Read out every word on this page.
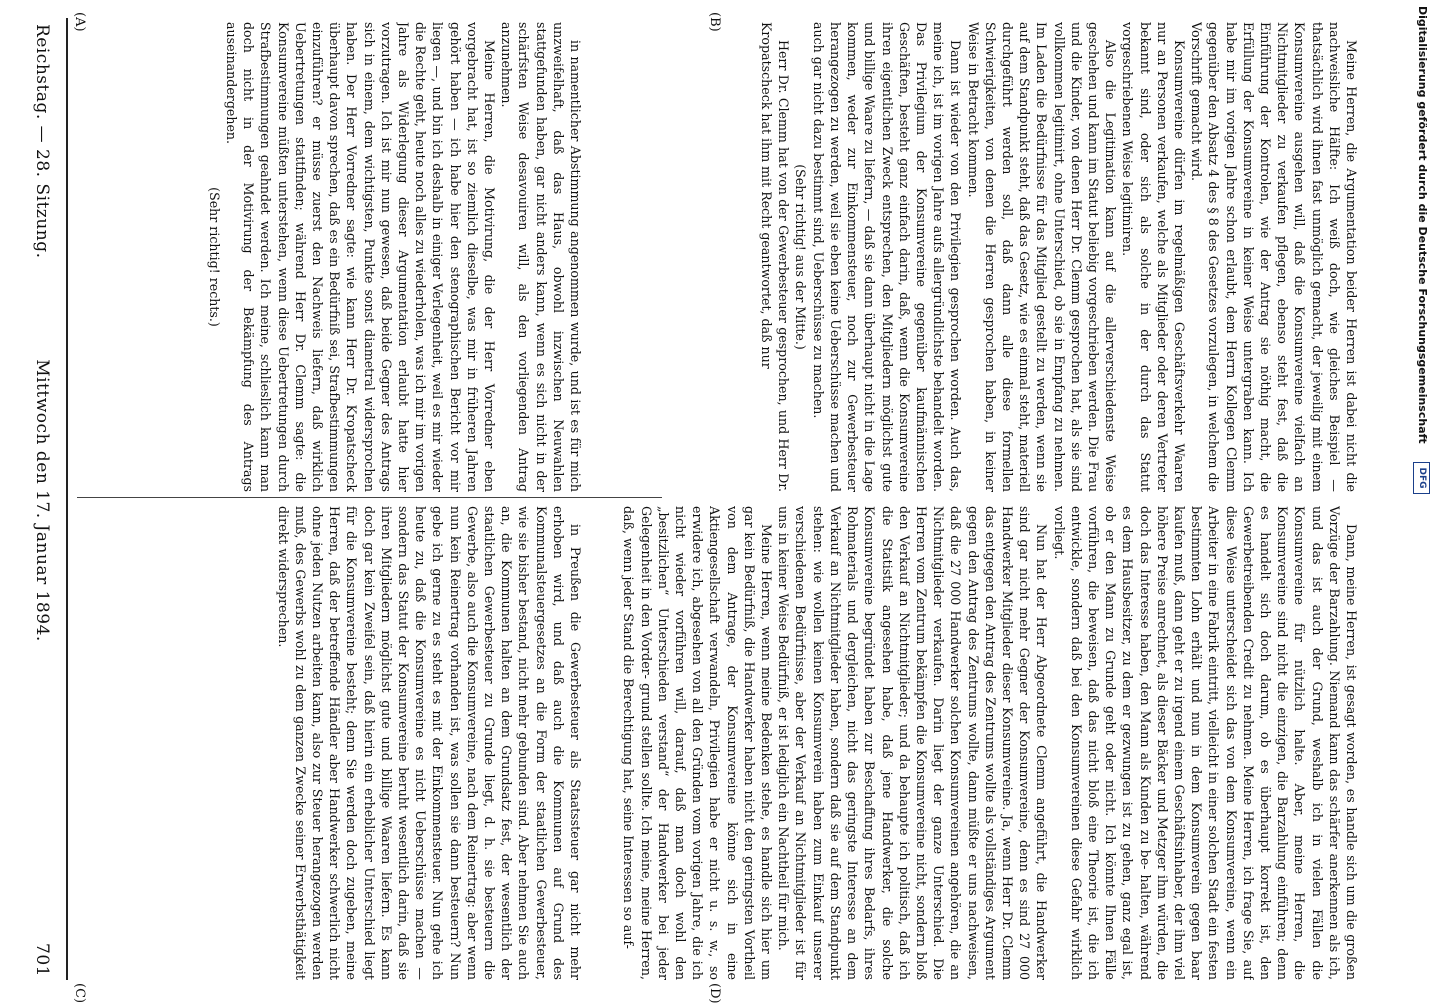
Digitalisierung gefördert durch die Deutsche Forschungsgemeinschaft
DFG

Meine Herren, die Argumentation beider Herren ist dabei nicht die nachweisliche Hälfte: Ich weiß doch, wie gleiches Beispiel — thatsächlich wird ihnen fast unmöglich gemacht, der jeweilig mit einem Konsumvereine ausgehen will, daß die Konsumvereine vielfach an Nichtmitglieder zu verkaufen pflegen, ebenso steht fest, daß die Einführung der Kontrolen, wie der Antrag sie nöthig macht, die Erfüllung der Konsumvereine in keiner Weise untergraben kann. Ich habe mir im vorigen Jahre schon erlaubt, dem Herrn Kollegen Clemm gegenüber den Absatz 4 des § 8 des Gesetzes vorzulegen, in welchem die Vorschrift gemacht wird.

Konsumvereine dürfen im regelmäßigen Geschäftsverkehr Waaren nur an Personen verkaufen, welche als Mitglieder oder deren Vertreter bekannt sind, oder sich als solche in der durch das Statut vorgeschriebenen Weise legitimiren.

Also die Legitimation kann auf die allerverschiedenste Weise geschehen und kann im Statut beliebig vorgeschrieben werden. Die Frau und die Kinder, von denen Herr Dr. Clemm gesprochen hat, als sie sind vollkommen legitimirt, ohne Unterschied, ob sie in Empfang zu nehmen. Im Laden die Bedürfnisse für das Mitglied gestellt zu werden, wenn sie auf dem Standpunkt steht, daß das Gesetz, wie es einmal steht, materiell durchgeführt werden soll, daß dann alle diese formellen Schwierigkeiten, von denen die Herren gesprochen haben, in keiner Weise in Betracht kommen.

Dann ist wieder von den Privilegien gesprochen worden. Auch das, meine ich, ist im vorigen Jahre aufs allergründlichste behandelt worden. Das Privilegium der Konsumvereine gegenüber kaufmännischen Geschäften, besteht ganz einfach darin, daß, wenn die Konsumvereine ihren eigentlichen Zweck entsprechen, den Mitgliedern möglichst gute und billige Waare zu liefern, — daß sie dann überhaupt nicht in die Lage kommen, weder zur Einkommensteuer, noch zur Gewerbesteuer herangezogen zu werden, weil sie eben keine Ueberschüsse machen und auch gar nicht dazu bestimmt sind, Ueberschüsse zu machen.

(Sehr richtig! aus der Mitte.)

Herr Dr. Clemm hat von der Gewerbesteuer gesprochen, und Herr Dr. Kropatscheck hat ihm mit Recht geantwortet, daß nur

Dann, meine Herren, ist gesagt worden, es handle sich um die großen Vorzüge der Barzahlung. Niemand kann das schärfer anerkennen als ich, und das ist auch der Grund, weshalb ich in vielen Fällen die Konsumvereine für nützlich halte. Aber, meine Herren, die Konsumvereine sind nicht die einzigen, die Barzahlung einführen; denn es handelt sich doch darum, ob es überhaupt korrekt ist, den Gewerbetreibenden Credit zu nehmen. Meine Herren, ich frage Sie, auf diese Weise unterscheidet sich das von dem Konsumvereine, wenn ein Arbeiter in eine Fabrik eintritt, vielleicht in einer solchen Stadt ein festen bestimmten Lohn erhält und nun in dem Konsumverein gegen baar kaufen muß, dann geht er zu irgend einem Geschäftsinhaber, der ihm viel höhere Preise anrechnet, als dieser Bäcker und Metzger ihm würden, die doch das Interesse haben, den Mann als Kunden zu be- halten, während es dem Hausbesitzer, zu dem er gezwungen ist zu gehen, ganz egal ist, ob er den Mann zu Grunde geht oder nicht. Ich könnte Ihnen Fälle vorführen, die beweisen, daß das nicht bloß eine Theorie ist, die ich entwickle, sondern daß bei den Konsumvereinen diese Gefahr wirklich vorliegt.

Nun hat der Herr Abgeordnete Clemm angeführt, die Handwerker sind gar nicht mehr Gegner der Konsumvereine, denn es sind 27 000 Handwerker Mitglieder dieser Konsumvereine. Ja, wenn Herr Dr. Clemm das entgegen den Antrag des Zentrums wollte als vollständiges Argument gegen den Antrag des Zentrums wollte, dann müßte er uns nachweisen, daß die 27 000 Handwerker solchen Konsumvereinen angehören, die an Nichtmitglieder verkaufen. Darin liegt der ganze Unterschied. Die Herren vom Zentrum bekämpfen die Konsumvereine nicht, sondern bloß den Verkauf an Nichtmitglieder; und da behaupte ich politisch, daß ich die Statistik angesehen habe, daß jene Handwerker, die solche Konsumvereine begründet haben zur Beschaffung ihres Bedarfs, ihres Rohmaterials und dergleichen, nicht das geringste Interesse an dem Verkauf an Nichtmitglieder haben, sondern daß sie auf dem Standpunkt stehen: wie wollen keinen Konsumverein haben zum Einkauf unserer verschiedenen Bedürfnisse, aber der Verkauf an Nichtmitglieder ist für uns in keiner Weise Bedürfniß, er ist lediglich ein Nachtheil für mich.

Meine Herren, wenn meine Bedenken stehe, es handle sich hier um gar kein Bedürfniß, die Handwerker haben nicht den geringsten Vortheil von dem Antrage, der Konsumvereine könne sich in eine Aktiengesellschaft verwandeln, Privilegien habe er nicht u. s. w., so erwidere ich, abgesehen von all den Gründen vom vorigen Jahre, die ich nicht wieder vorführen will, darauf, daß man doch wohl den „besitzlichen“ Unterschieden verstand“ der Handwerker bei jeder Gelegenheit in den Vorder- grund stellen sollte. Ich meine, meine Herren, daß, wenn jeder Stand die Berechtigung hat, seine Interessen so auf-

in namentlicher Abstimmung angenommen wurde, und ist es für mich unzweifelhaft, daß das Haus, obwohl inzwischen Neuwahlen stattgefunden haben, gar nicht anders kann, wenn es sich nicht in der schärfsten Weise desavouiren will, als den vorliegenden Antrag anzunehmen.

Meine Herren, die Motivirung, die der Herr Vorredner eben vorgebracht hat, ist so ziemlich dieselbe, was mir in früheren Jahren gehört haben — ich habe hier den stenographischen Bericht vor mir liegen —, und bin ich deshalb in einiger Verlegenheit, weil es mir wieder die Rechte geht, heute noch alles zu wiederholen, was ich mir im vorigen Jahre als Widerlegung dieser Argumentation erlaubt hatte hier vorzutragen. Ich ist mir nun gewesen, daß beide Gegner des Antrags sich in einem, dem wichtigsten, Punkte sonst diametral widersprochen haben. Der Herr Vorredner sagte: wie kann Herr Dr. Kropatscheck überhaupt davon sprechen, daß es ein Bedürfniß sei, Strafbestimmungen einzuführen? er müsse zuerst den Nachweis liefern, daß wirklich Uebertretungen stattfinden; während Herr Dr. Clemm sagte: die Konsumvereine müßten unterstehen, wenn diese Uebertretungen durch Strafbestimmungen geahndet werden. Ich meine, schlieslich kann man doch nicht in der Motivirung der Bekämpfung des Antrags auseinandergehen.

(Sehr richtig! rechts.)

in Preußen die Gewerbesteuer als Staatssteuer gar nicht mehr erhoben wird, und daß auch die Kommunen auf Grund des Kommunalsteuergesetzes an die Form der staatlichen Gewerbesteuer, wie sie bisher bestand, nicht mehr gebunden sind. Aber nehmen Sie auch an, die Kommunen halten an dem Grundsatz fest, der wesentlich der staatlichen Gewerbesteuer zu Grunde liegt, d. h. sie besteuern die Gewerbe, also auch die Konsumvereine, nach dem Reinertrag: aber wenn nun kein Reinertrag vorhanden ist, was sollen sie dann besteuern? Nun gebe ich gerne zu es steht es mit der Einkommensteuer. Nun gehe ich heute zu, daß die Konsumvereine es nicht Ueberschüsse machen — sondern das Statut der Konsumvereine beruht wesentlich darin, daß sie ihren Mitgliedern möglichst gute und billige Waaren liefern. Es kann doch gar kein Zweifel sein, daß hierin ein erheblicher Unterschied liegt für die Konsumvereine besteht; denn Sie werden doch zugeben, meine Herren, daß der betreffende Händler aber Handwerker schwerlich nicht ohne jeden Nutzen arbeiten kann, also zur Steuer herangezogen werden muß, des Gewerbs wohl zu dem ganzen Zwecke seiner Erwerbsthätigkeit direkt widersprechen.

Reichstag. — 28. Sitzung.
Mittwoch den 17. Januar 1894.
701
(A)	(B)
(C)	(D)
